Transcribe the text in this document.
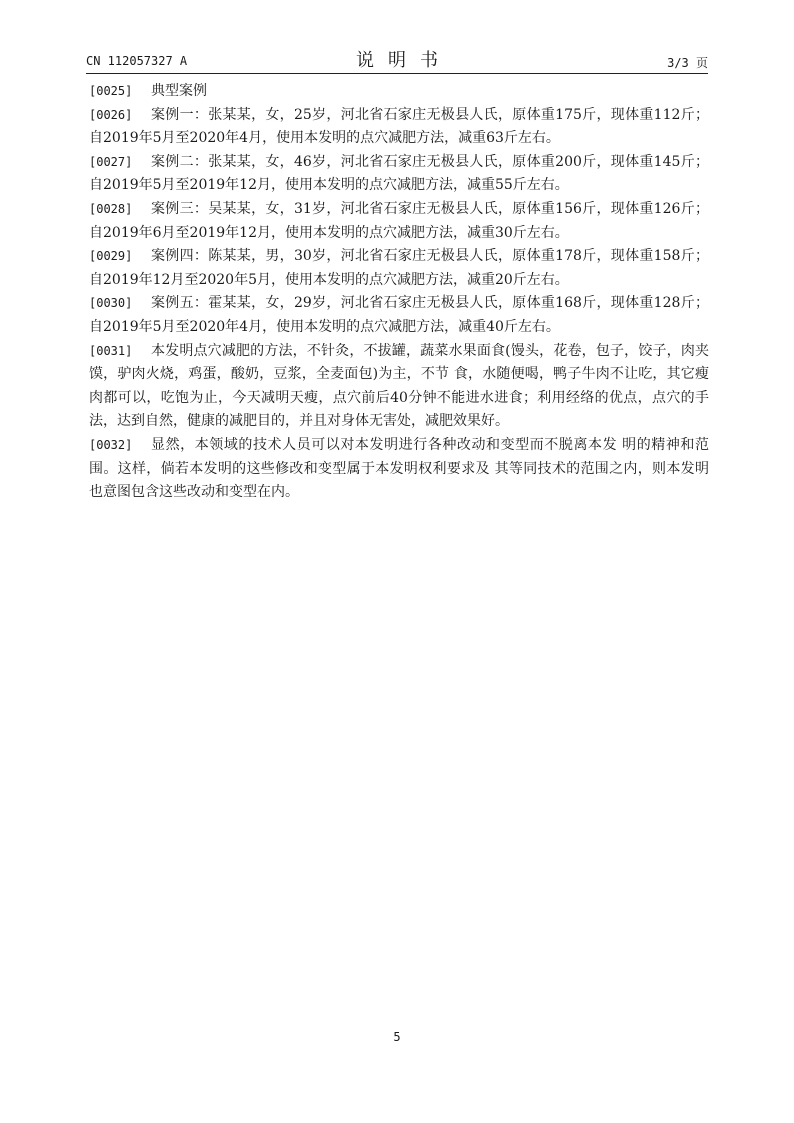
CN 112057327 A	说明书	3/3 页
[0025]	典型案例

[0026]	案例一：张某某，女，25岁，河北省石家庄无极县人氏，原体重175斤，现体重112斤；自2019年5月至2020年4月，使用本发明的点穴减肥方法，减重63斤左右。

[0027]	案例二：张某某，女，46岁，河北省石家庄无极县人氏，原体重200斤，现体重145斤；自2019年5月至2019年12月，使用本发明的点穴减肥方法，减重55斤左右。

[0028]	案例三：吴某某，女，31岁，河北省石家庄无极县人氏，原体重156斤，现体重126斤；自2019年6月至2019年12月，使用本发明的点穴减肥方法，减重30斤左右。

[0029]	案例四：陈某某，男，30岁，河北省石家庄无极县人氏，原体重178斤，现体重158斤；自2019年12月至2020年5月，使用本发明的点穴减肥方法，减重20斤左右。

[0030]	案例五：霍某某，女，29岁，河北省石家庄无极县人氏，原体重168斤，现体重128斤；自2019年5月至2020年4月，使用本发明的点穴减肥方法，减重40斤左右。

[0031]	本发明点穴减肥的方法，不针灸，不拔罐，蔬菜水果面食(馒头，花卷，包子，饺子，肉夹馍，驴肉火烧，鸡蛋，酸奶，豆浆，全麦面包)为主，不节 食，水随便喝，鸭子牛肉不让吃，其它瘦肉都可以，吃饱为止，今天减明天瘦，点穴前后40分钟不能进水进食；利用经络的优点，点穴的手法，达到自然，健康的减肥目的，并且对身体无害处，减肥效果好。

[0032]	显然，本领域的技术人员可以对本发明进行各种改动和变型而不脱离本发 明的精神和范围。这样，倘若本发明的这些修改和变型属于本发明权利要求及 其等同技术的范围之内，则本发明也意图包含这些改动和变型在内。

5
